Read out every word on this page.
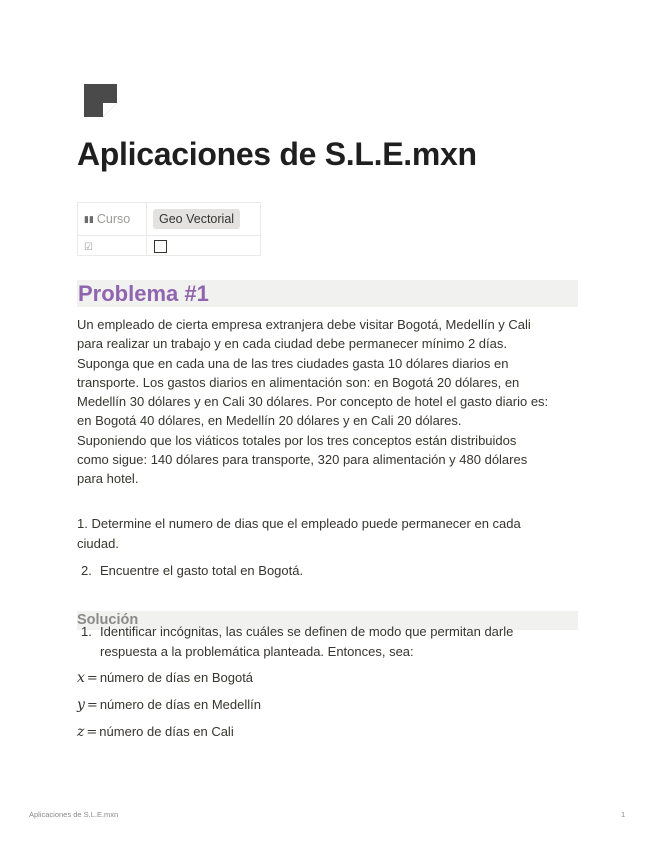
Aplicaciones de S.L.E.mxn
▮▮ Curso	Geo Vectorial
☑	
Problema #1

Un empleado de cierta empresa extranjera debe visitar Bogotá, Medellín y Cali
para realizar un trabajo y en cada ciudad debe permanecer mínimo 2 días.
Suponga que en cada una de las tres ciudades gasta 10 dólares diarios en
transporte. Los gastos diarios en alimentación son: en Bogotá 20 dólares, en
Medellín 30 dólares y en Cali 30 dólares. Por concepto de hotel el gasto diario es:
en Bogotá 40 dólares, en Medellín 20 dólares y en Cali 20 dólares.
Suponiendo que los viáticos totales por los tres conceptos están distribuidos
como sigue: 140 dólares para transporte, 320 para alimentación y 480 dólares
para hotel.

1. Determine el numero de dias que el empleado puede permanecer en cada
ciudad.
2. Encuentre el gasto total en Bogotá.
Solución
1. Identificar incógnitas, las cuáles se definen de modo que permitan darle respuesta a la problemática planteada. Entonces, sea:
x = número de días en Bogotá
y = número de días en Medellín
z = número de días en Cali
Aplicaciones de S.L.E.mxn	1
